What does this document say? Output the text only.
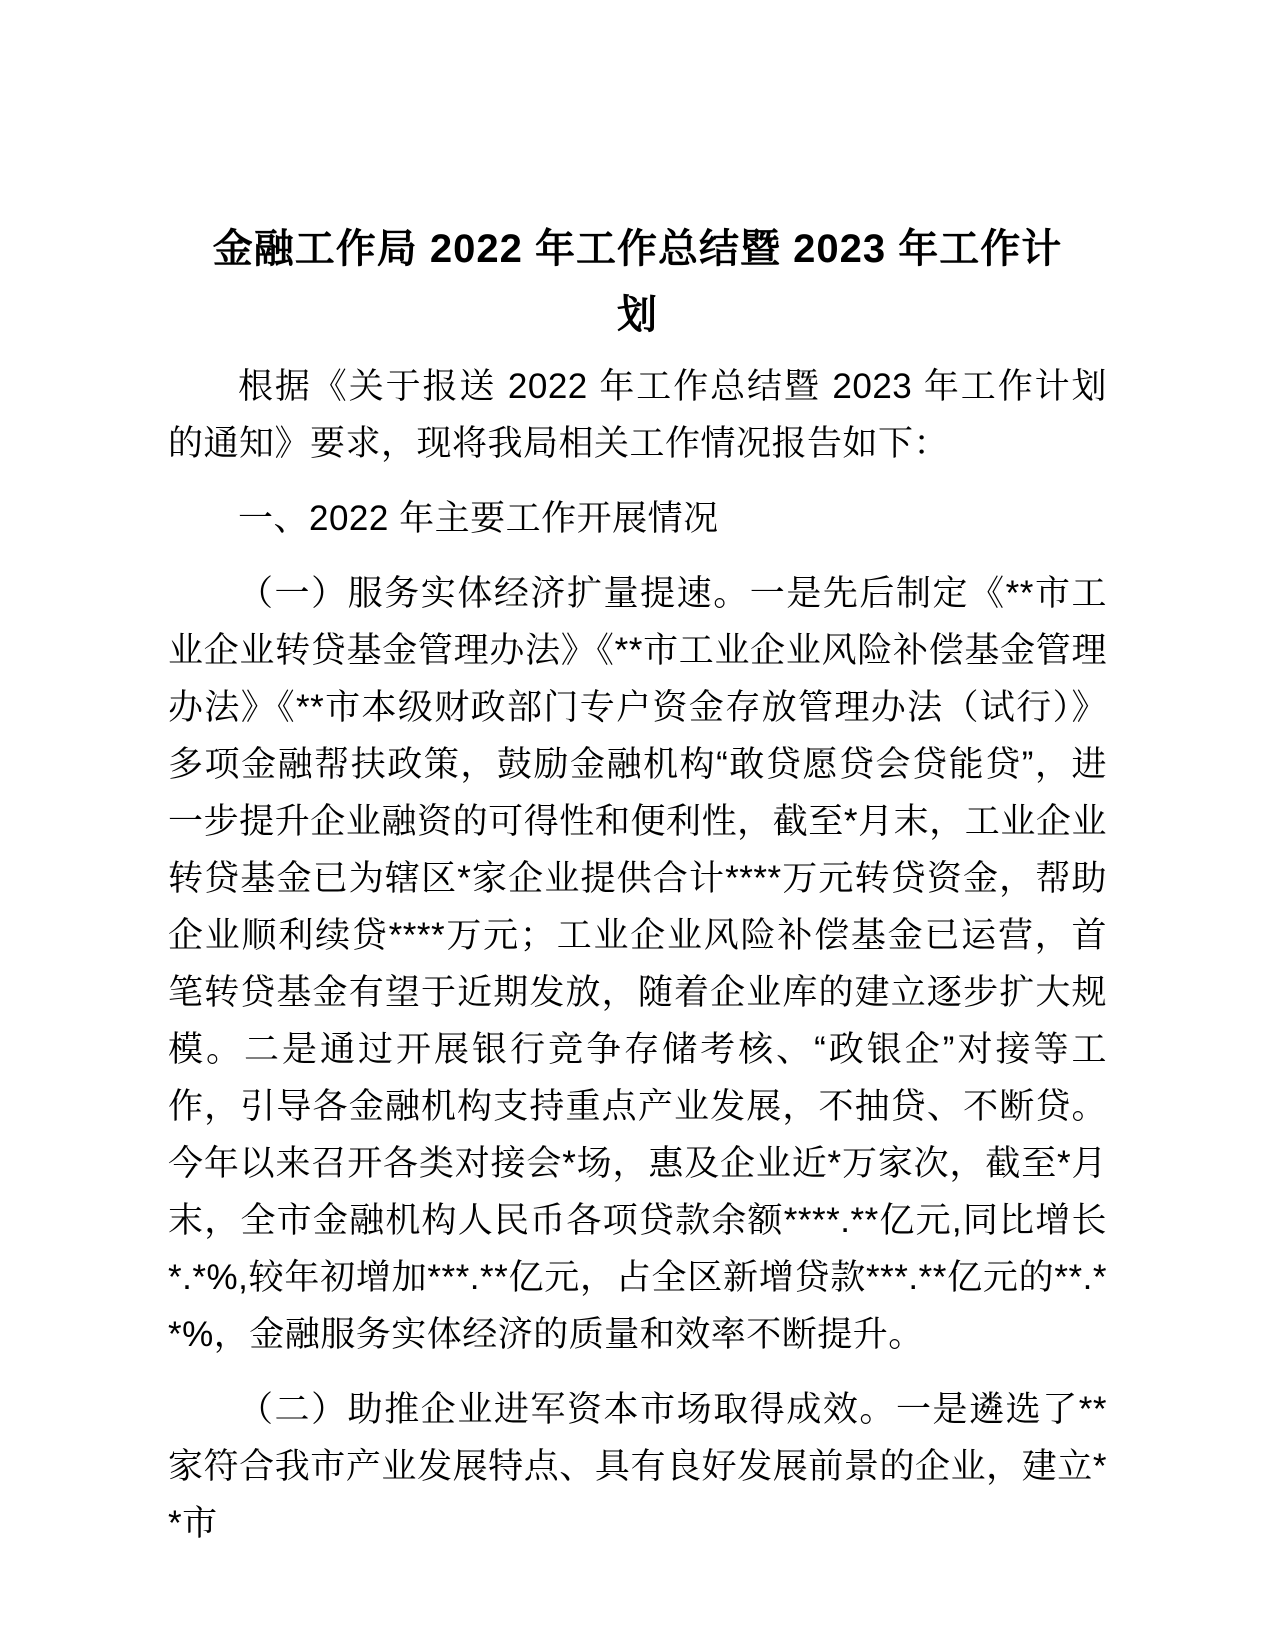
金融工作局 2022 年工作总结暨 2023 年工作计
划

根据《关于报送 2022 年工作总结暨 2023 年工作计划的通知》要求，现将我局相关工作情况报告如下：

一、2022 年主要工作开展情况

（一）服务实体经济扩量提速。一是先后制定《**市工业企业转贷基金管理办法》《**市工业企业风险补偿基金管理办法》《**市本级财政部门专户资金存放管理办法（试行）》多项金融帮扶政策，鼓励金融机构“敢贷愿贷会贷能贷”，进一步提升企业融资的可得性和便利性，截至*月末，工业企业转贷基金已为辖区*家企业提供合计****万元转贷资金，帮助企业顺利续贷****万元；工业企业风险补偿基金已运营，首笔转贷基金有望于近期发放，随着企业库的建立逐步扩大规模。二是通过开展银行竞争存储考核、“政银企”对接等工作，引导各金融机构支持重点产业发展，不抽贷、不断贷。今年以来召开各类对接会*场，惠及企业近*万家次，截至*月末，全市金融机构人民币各项贷款余额****.**亿元,同比增长*.*%,较年初增加***.**亿元，占全区新增贷款***.**亿元的**.**%，金融服务实体经济的质量和效率不断提升。

（二）助推企业进军资本市场取得成效。一是遴选了**家符合我市产业发展特点、具有良好发展前景的企业，建立**市
